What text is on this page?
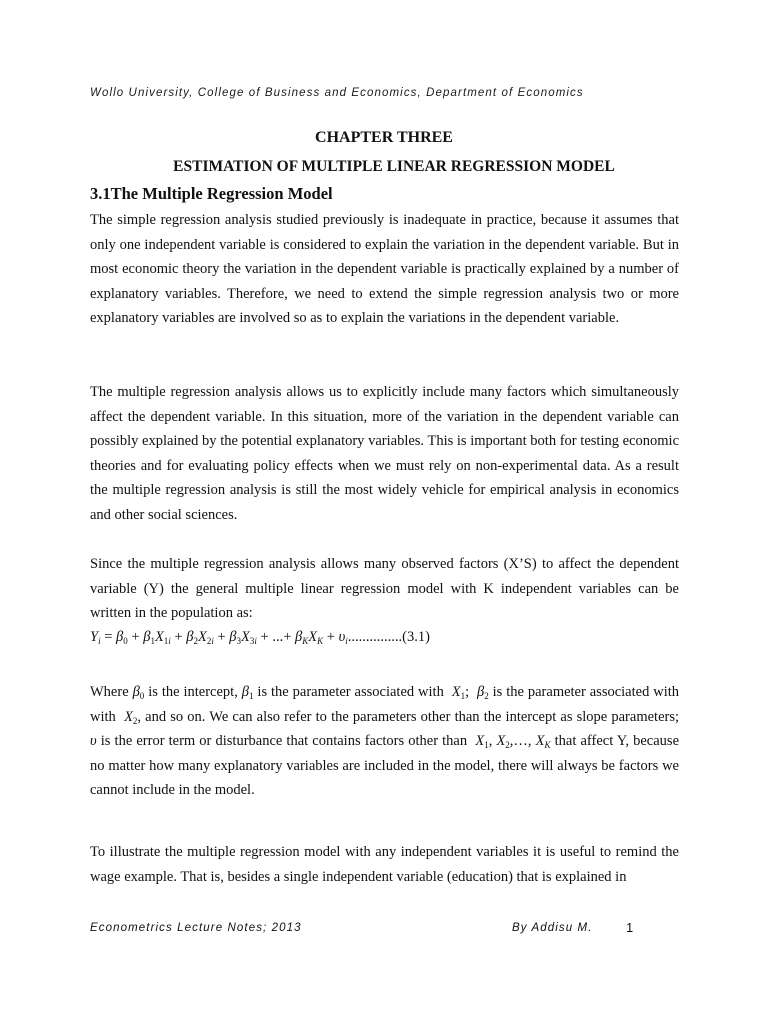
Wollo University, College of Business and Economics, Department of Economics
CHAPTER THREE
ESTIMATION OF MULTIPLE LINEAR REGRESSION MODEL
3.1The Multiple Regression Model

The simple regression analysis studied previously is inadequate in practice, because it assumes that only one independent variable is considered to explain the variation in the dependent variable. But in most economic theory the variation in the dependent variable is practically explained by a number of explanatory variables. Therefore, we need to extend the simple regression analysis two or more explanatory variables are involved so as to explain the variations in the dependent variable.

The multiple regression analysis allows us to explicitly include many factors which simultaneously affect the dependent variable. In this situation, more of the variation in the dependent variable can possibly explained by the potential explanatory variables. This is important both for testing economic theories and for evaluating policy effects when we must rely on non-experimental data. As a result the multiple regression analysis is still the most widely vehicle for empirical analysis in economics and other social sciences.

Since the multiple regression analysis allows many observed factors (X’S) to affect the dependent variable (Y) the general multiple linear regression model with K independent variables can be written in the population as:

$Y_i = \beta_0 + \beta_1X_{1i} + \beta_2X_{2i} + \beta_3X_{3i}$ + ...+ $\beta_KX_K + \upsilon_i...............(3.1)$

Where $\beta_0$ is the intercept, $\beta_1$ is the parameter associated with  $X_1$;  $\beta_2$ is the parameter associated with with  $X_2$, and so on. We can also refer to the parameters other than the intercept as slope parameters; υ is the error term or disturbance that contains factors other than  $X_1$, $X_2,\dots$, $X_K$ that affect Y, because no matter how many explanatory variables are included in the model, there will always be factors we cannot include in the model.

To illustrate the multiple regression model with any independent variables it is useful to remind the wage example. That is, besides a single independent variable (education) that is explained in

Econometrics Lecture Notes; 2013	By Addisu M.	1
